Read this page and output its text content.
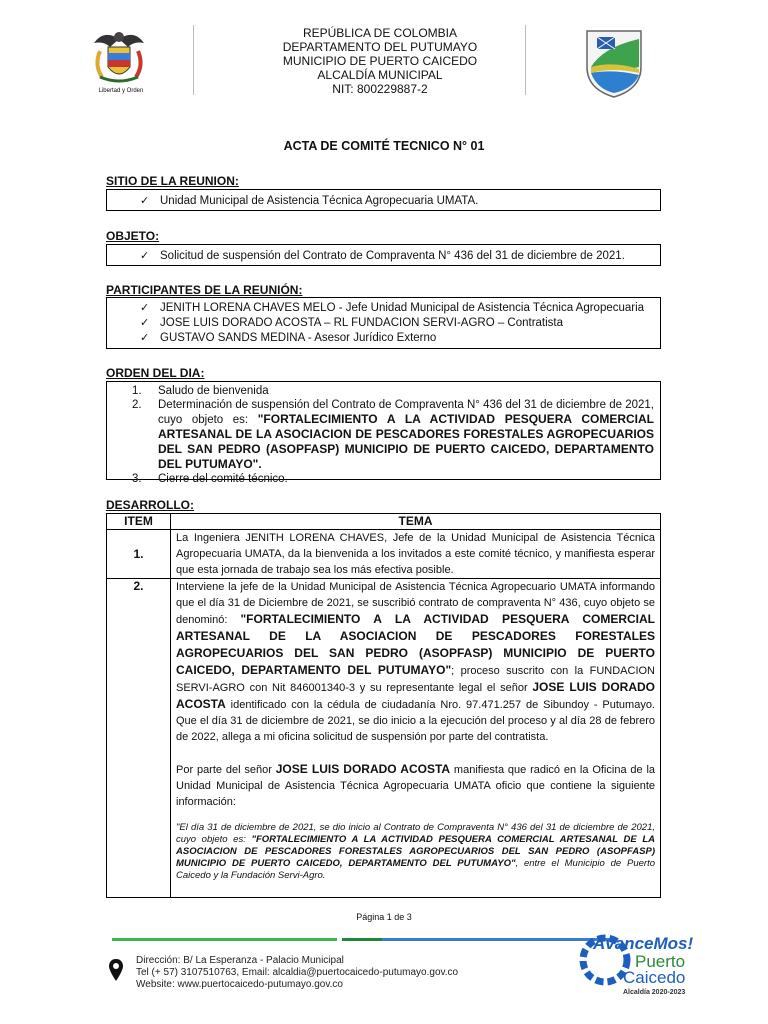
Libertad y Orden
REPÚBLICA DE COLOMBIA
DEPARTAMENTO DEL PUTUMAYO
MUNICIPIO DE PUERTO CAICEDO
ALCALDÍA MUNICIPAL
NIT: 800229887-2
ACTA DE COMITÉ TECNICO N° 01
SITIO DE LA REUNION:
✓ Unidad Municipal de Asistencia Técnica Agropecuaria UMATA.
OBJETO:
✓ Solicitud de suspensión del Contrato de Compraventa N° 436 del 31 de diciembre de 2021.
PARTICIPANTES DE LA REUNIÓN:
✓ JENITH LORENA CHAVES MELO - Jefe Unidad Municipal de Asistencia Técnica Agropecuaria
✓ JOSE LUIS DORADO ACOSTA – RL FUNDACION SERVI-AGRO – Contratista
✓ GUSTAVO SANDS MEDINA - Asesor Jurídico Externo
ORDEN DEL DIA:
1.	Saludo de bienvenida
2.	Determinación de suspensión del Contrato de Compraventa N° 436 del 31 de diciembre de 2021, cuyo objeto es: "FORTALECIMIENTO A LA ACTIVIDAD PESQUERA COMERCIAL ARTESANAL DE LA ASOCIACION DE PESCADORES FORESTALES AGROPECUARIOS DEL SAN PEDRO (ASOPFASP) MUNICIPIO DE PUERTO CAICEDO, DEPARTAMENTO DEL PUTUMAYO".
3.	Cierre del comité técnico.
DESARROLLO:
ITEM	TEMA
1.	La Ingeniera JENITH LORENA CHAVES, Jefe de la Unidad Municipal de Asistencia Técnica Agropecuaria UMATA, da la bienvenida a los invitados a este comité técnico, y manifiesta esperar que esta jornada de trabajo sea los más efectiva posible.
2.	Interviene la jefe de la Unidad Municipal de Asistencia Técnica Agropecuario UMATA informando que el día 31 de Diciembre de 2021, se suscribió contrato de compraventa N° 436, cuyo objeto se denominó: "FORTALECIMIENTO A LA ACTIVIDAD PESQUERA COMERCIAL ARTESANAL DE LA ASOCIACION DE PESCADORES FORESTALES AGROPECUARIOS DEL SAN PEDRO (ASOPFASP) MUNICIPIO DE PUERTO CAICEDO, DEPARTAMENTO DEL PUTUMAYO"; proceso suscrito con la FUNDACION SERVI-AGRO con Nit 846001340-3 y su representante legal el señor JOSE LUIS DORADO ACOSTA identificado con la cédula de ciudadanía Nro. 97.471.257 de Sibundoy - Putumayo. Que el día 31 de diciembre de 2021, se dio inicio a la ejecución del proceso y al día 28 de febrero de 2022, allega a mi oficina solicitud de suspensión por parte del contratista.
Por parte del señor JOSE LUIS DORADO ACOSTA manifiesta que radicó en la Oficina de la Unidad Municipal de Asistencia Técnica Agropecuaria UMATA oficio que contiene la siguiente información:
"El día 31 de diciembre de 2021, se dio inicio al Contrato de Compraventa N° 436 del 31 de diciembre de 2021, cuyo objeto es: "FORTALECIMIENTO A LA ACTIVIDAD PESQUERA COMERCIAL ARTESANAL DE LA ASOCIACION DE PESCADORES FORESTALES AGROPECUARIOS DEL SAN PEDRO (ASOPFASP) MUNICIPIO DE PUERTO CAICEDO, DEPARTAMENTO DEL PUTUMAYO", entre el Municipio de Puerto Caicedo y la Fundación Servi-Agro.
Página 1 de 3
Dirección: B/ La Esperanza - Palacio Municipal
Tel (+ 57) 3107510763, Email: alcaldia@puertocaicedo-putumayo.gov.co
Website: www.puertocaicedo-putumayo.gov.co
AvanceMos!
Puerto
Caicedo
Alcaldía 2020-2023
